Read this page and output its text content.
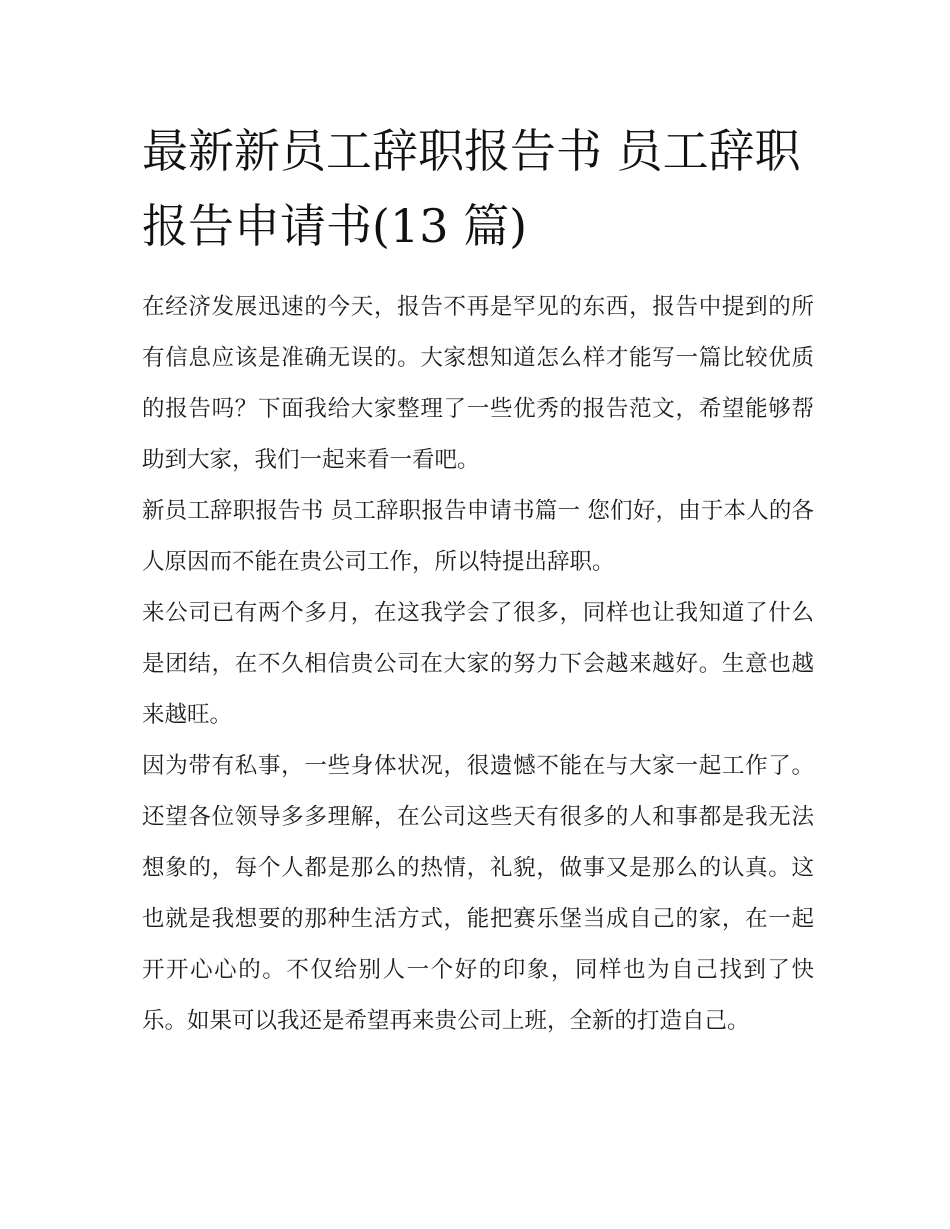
最新新员工辞职报告书 员工辞职报告申请书(13 篇)

在经济发展迅速的今天，报告不再是罕见的东西，报告中提到的所有信息应该是准确无误的。大家想知道怎么样才能写一篇比较优质的报告吗？下面我给大家整理了一些优秀的报告范文，希望能够帮助到大家，我们一起来看一看吧。

新员工辞职报告书 员工辞职报告申请书篇一 您们好，由于本人的各人原因而不能在贵公司工作，所以特提出辞职。

来公司已有两个多月，在这我学会了很多，同样也让我知道了什么是团结，在不久相信贵公司在大家的努力下会越来越好。生意也越来越旺。

因为带有私事，一些身体状况，很遗憾不能在与大家一起工作了。还望各位领导多多理解，在公司这些天有很多的人和事都是我无法想象的，每个人都是那么的热情，礼貌，做事又是那么的认真。这也就是我想要的那种生活方式，能把赛乐堡当成自己的家，在一起开开心心的。不仅给别人一个好的印象，同样也为自己找到了快乐。如果可以我还是希望再来贵公司上班，全新的打造自己。
